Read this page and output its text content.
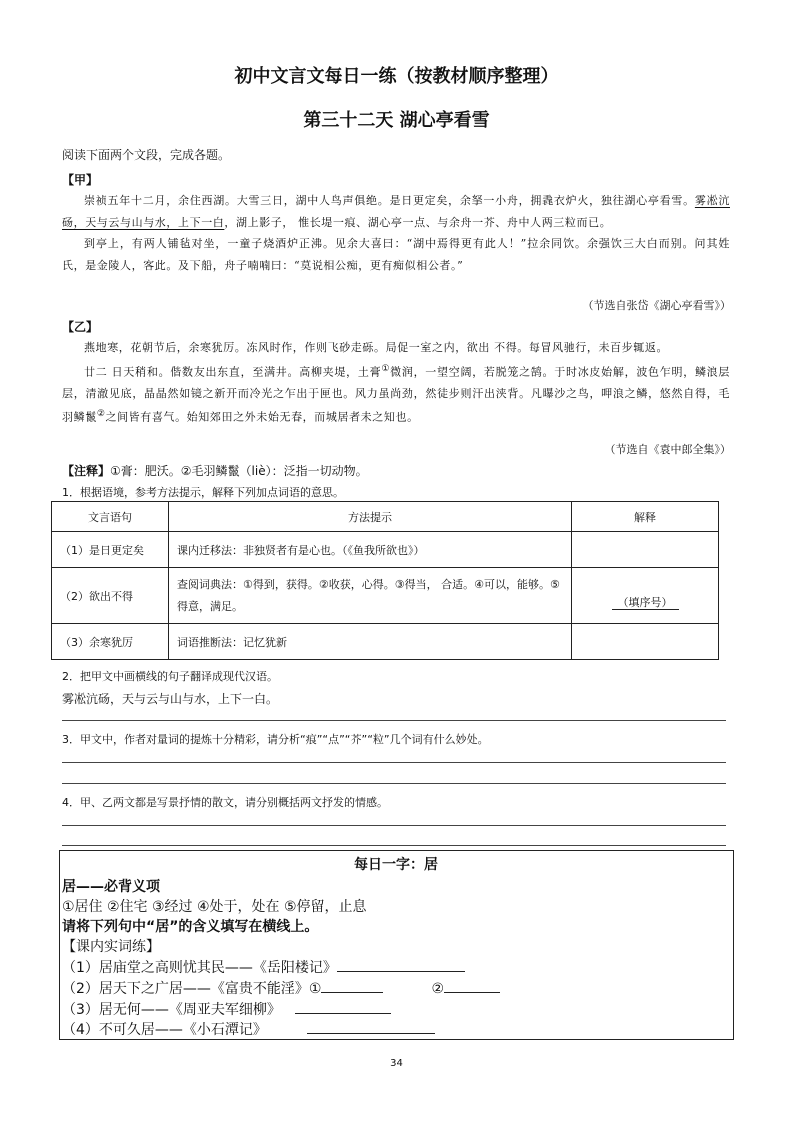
初中文言文每日一练（按教材顺序整理）
第三十二天 湖心亭看雪
阅读下面两个文段，完成各题。
【甲】

崇祯五年十二月，余住西湖。大雪三日，湖中人鸟声俱绝。是日更定矣，余拏一小舟，拥毳衣炉火，独往湖心亭看雪。雾凇沆砀，天与云与山与水，上下一白，湖上影子， 惟长堤一痕、湖心亭一点、与余舟一芥、舟中人两三粒而已。

到亭上，有两人铺毡对坐，一童子烧酒炉正沸。见余大喜曰：“湖中焉得更有此人！”拉余同饮。余强饮三大白而别。问其姓氏，是金陵人，客此。及下船，舟子喃喃曰：“莫说相公痴，更有痴似相公者。”

（节选自张岱《湖心亭看雪》）
【乙】

燕地寒，花朝节后，余寒犹厉。冻风时作，作则飞砂走砾。局促一室之内，欲出 不得。每冒风驰行，未百步辄返。

廿二 日天稍和。偕数友出东直，至满井。高柳夹堤，土膏①微润，一望空阔，若脱笼之鹄。于时冰皮始解，波色乍明，鳞浪层层，清澈见底，晶晶然如镜之新开而冷光之乍出于匣也。风力虽尚劲，然徒步则汗出浃背。凡曝沙之鸟，呷浪之鳞，悠然自得，毛羽鳞鬣②之间皆有喜气。始知郊田之外未始无春，而城居者未之知也。

（节选自《袁中郎全集》）
【注释】①膏：肥沃。②毛羽鳞鬣（liè）：泛指一切动物。
1．根据语境，参考方法提示，解释下列加点词语的意思。
文言语句	方法提示	解释
（1）是日更定矣	课内迁移法：非独贤者有是心也。（《鱼我所欲也》）	
（2）欲出不得	查阅词典法：①得到，获得。②收获，心得。③得当， 合适。④可以，能够。⑤得意，满足。	（填序号）
（3）余寒犹厉	词语推断法：记忆犹新	
2．把甲文中画横线的句子翻译成现代汉语。
雾凇沆砀，天与云与山与水，上下一白。
3．甲文中，作者对量词的提炼十分精彩，请分析“痕”“点”“芥”“粒”几个词有什么妙处。
4．甲、乙两文都是写景抒情的散文，请分别概括两文抒发的情感。
每日一字：居
居——必背义项
①居住 ②住宅 ③经过 ④处于，处在 ⑤停留，止息
请将下列句中“居”的含义填写在横线上。
【课内实词练】
（1）居庙堂之高则忧其民——《岳阳楼记》
（2）居天下之广居——《富贵不能淫》①	②
（3）居无何——《周亚夫军细柳》
（4）不可久居——《小石潭记》
34
